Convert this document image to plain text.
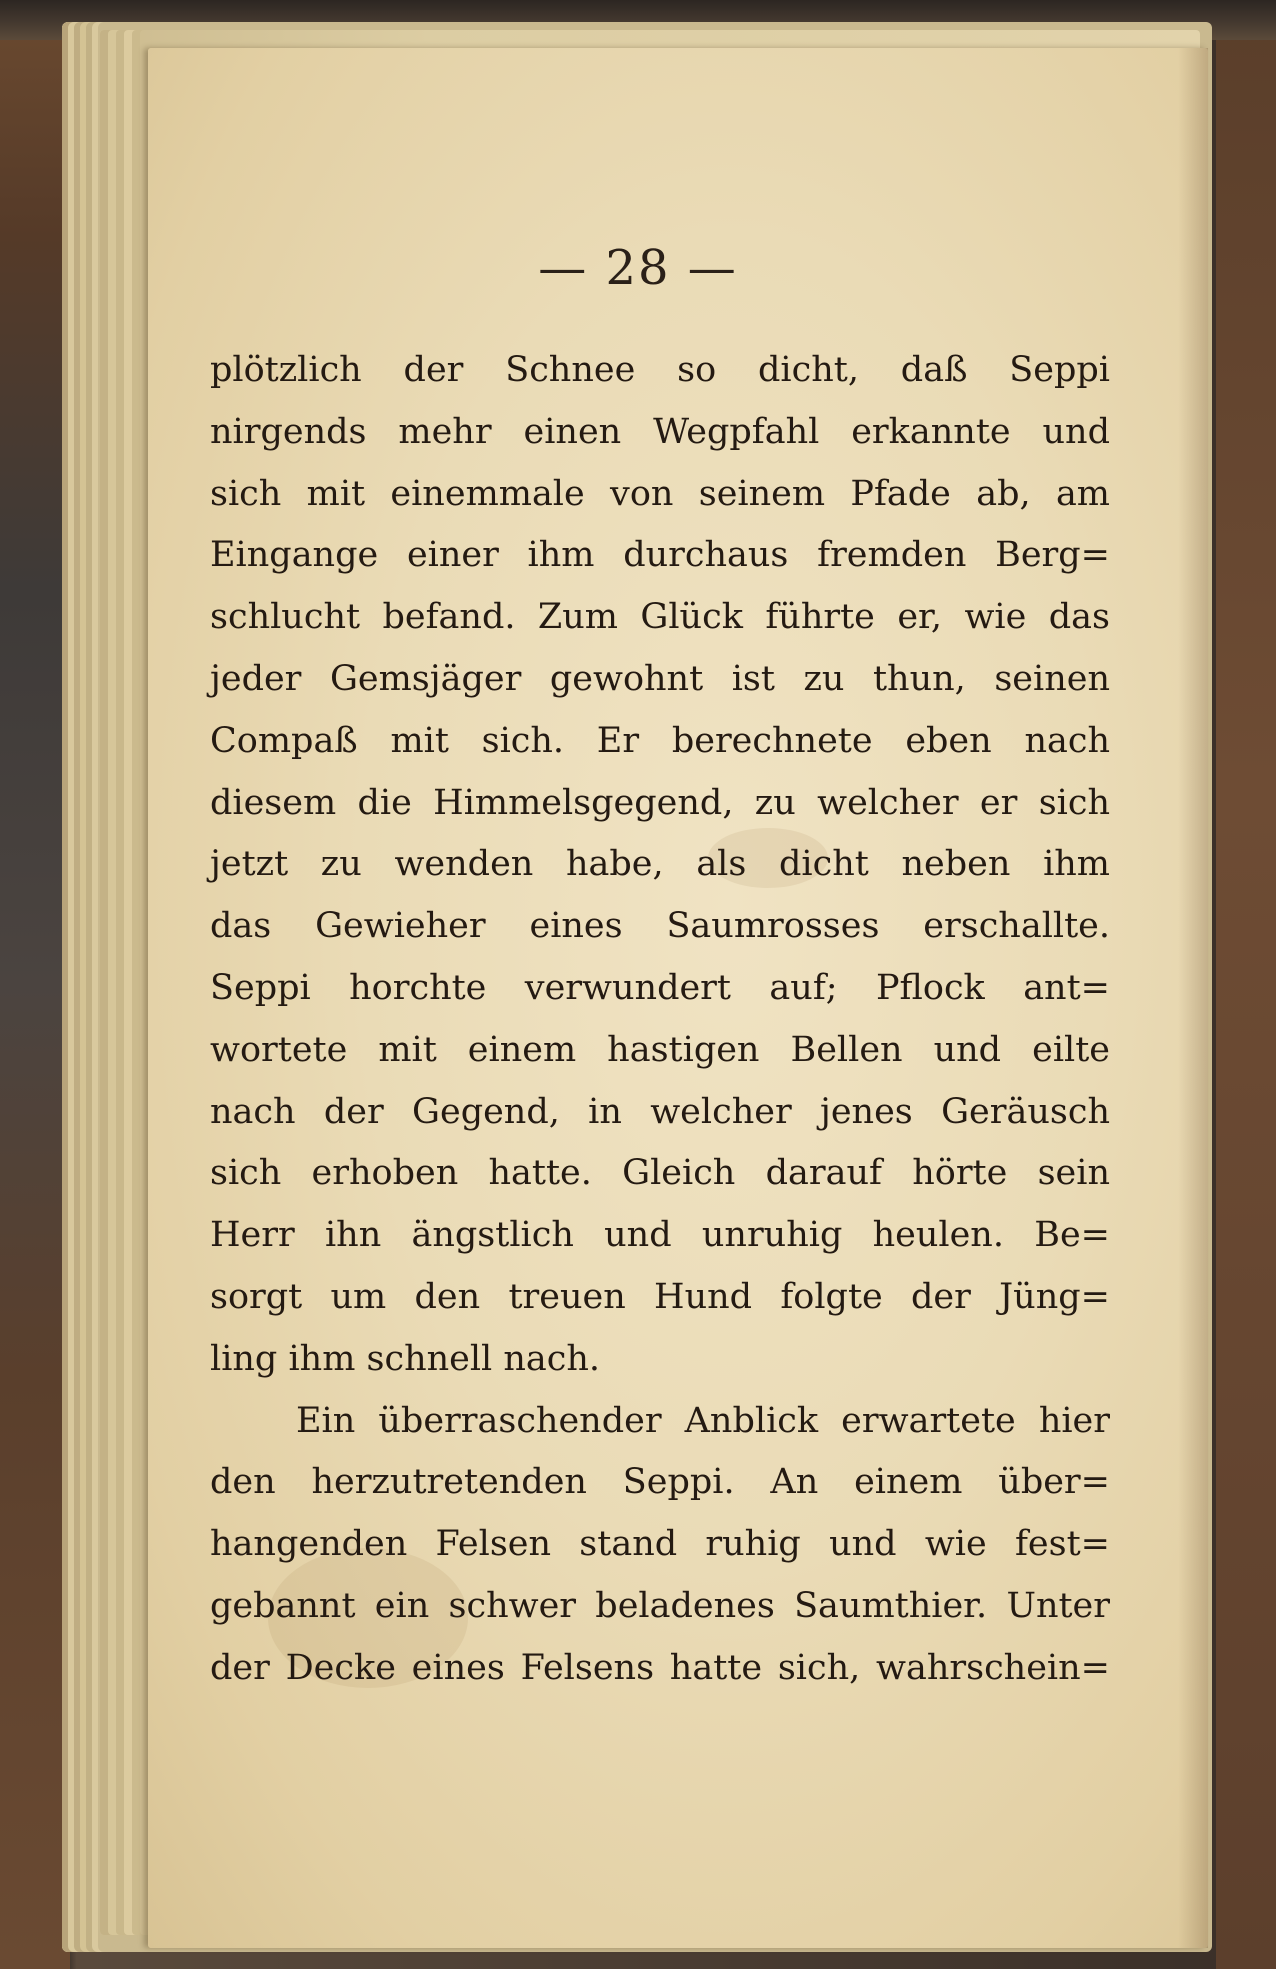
— 28 —
plötzlich der Schnee so dicht, daß Seppi
nirgends mehr einen Wegpfahl erkannte und
sich mit einemmale von seinem Pfade ab, am
Eingange einer ihm durchaus fremden Berg=
schlucht befand. Zum Glück führte er, wie das
jeder Gemsjäger gewohnt ist zu thun, seinen
Compaß mit sich. Er berechnete eben nach
diesem die Himmelsgegend, zu welcher er sich
jetzt zu wenden habe, als dicht neben ihm
das Gewieher eines Saumrosses erschallte.
Seppi horchte verwundert auf; Pflock ant=
wortete mit einem hastigen Bellen und eilte
nach der Gegend, in welcher jenes Geräusch
sich erhoben hatte. Gleich darauf hörte sein
Herr ihn ängstlich und unruhig heulen. Be=
sorgt um den treuen Hund folgte der Jüng=
ling ihm schnell nach.
Ein überraschender Anblick erwartete hier
den herzutretenden Seppi. An einem über=
hangenden Felsen stand ruhig und wie fest=
gebannt ein schwer beladenes Saumthier. Unter
der Decke eines Felsens hatte sich, wahrschein=
